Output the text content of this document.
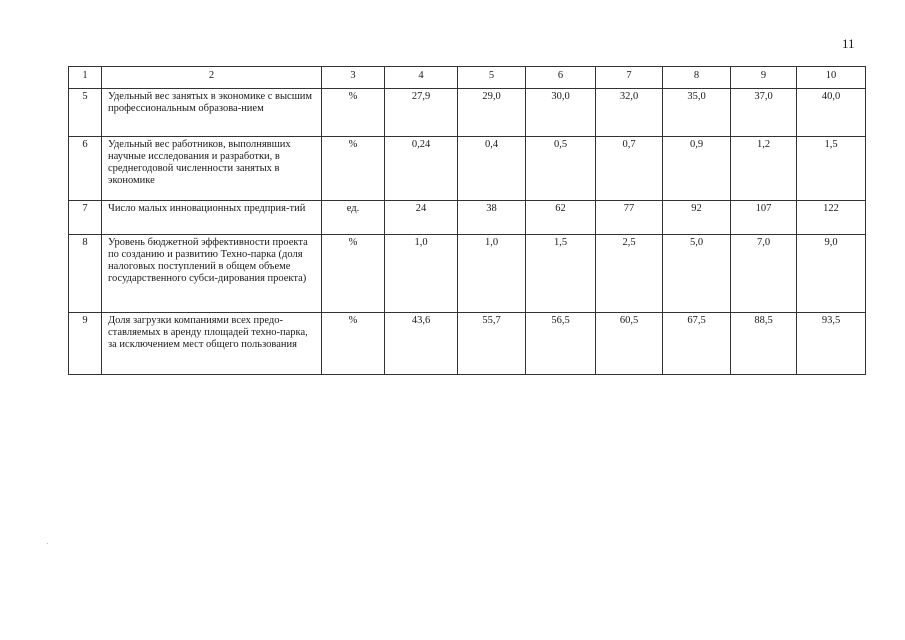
11
1	2	3	4	5	6	7	8	9	10
5	Удельный вес занятых в экономике с высшим профессиональным образова-нием	%	27,9	29,0	30,0	32,0	35,0	37,0	40,0
6	Удельный вес работников, выполнявших научные исследования и разработки, в среднегодовой численности занятых в экономике	%	0,24	0,4	0,5	0,7	0,9	1,2	1,5
7	Число малых инновационных предприя-тий	ед.	24	38	62	77	92	107	122
8	Уровень бюджетной эффективности проекта по созданию и развитию Техно-парка (доля налоговых поступлений в общем объеме государственного субси-дирования проекта)	%	1,0	1,0	1,5	2,5	5,0	7,0	9,0
9	Доля загрузки компаниями всех предо-ставляемых в аренду площадей техно-парка, за исключением мест общего пользования	%	43,6	55,7	56,5	60,5	67,5	88,5	93,5
